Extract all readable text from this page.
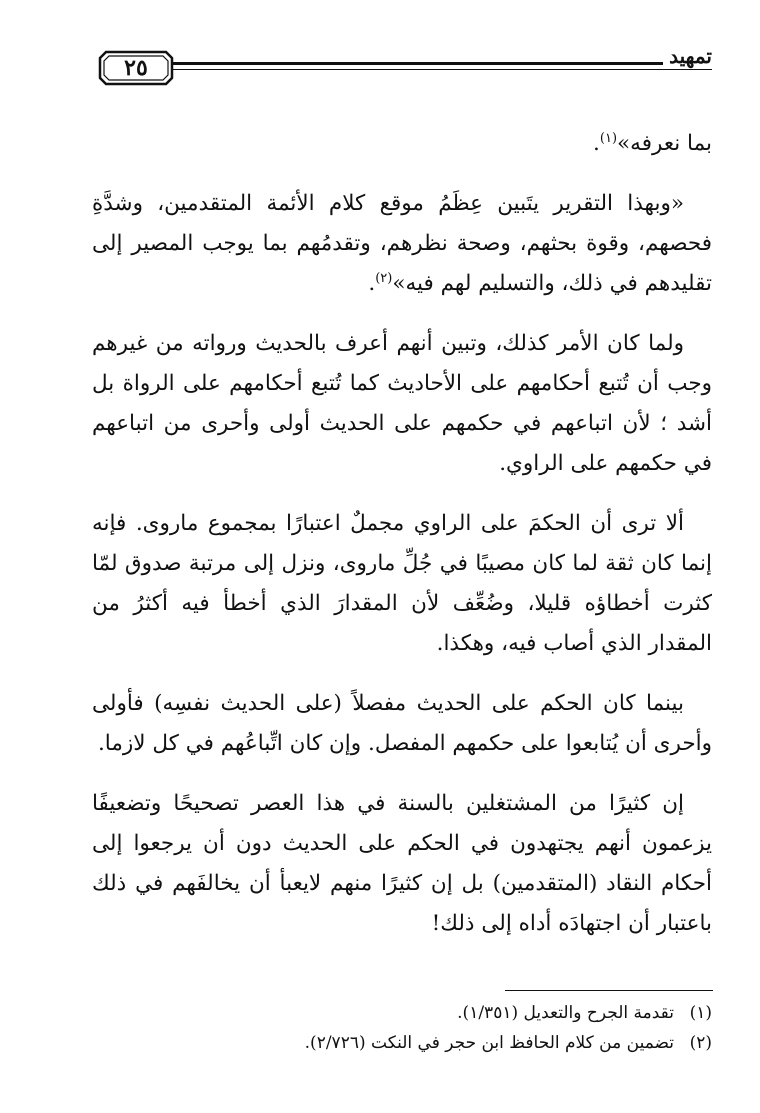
٢٥	تمهيد

بما نعرفه»$^{(١)}$.

«وبهذا التقرير يتَبين عِظَمُ موقع كلام الأئمة المتقدمين، وشدَّةِ فحصهم، وقوة بحثهم، وصحة نظرهم، وتقدمُهم بما يوجب المصير إلى تقليدهم في ذلك، والتسليم لهم فيه»$^{(٢)}$.

ولما كان الأمر كذلك، وتبين أنهم أعرف بالحديث ورواته من غيرهم وجب أن تُتبع أحكامهم على الأحاديث كما تُتبع أحكامهم على الرواة بل أشد ؛ لأن اتباعهم في حكمهم على الحديث أولى وأحرى من اتباعهم في حكمهم على الراوي.

ألا ترى أن الحكمَ على الراوي مجملٌ اعتبارًا بمجموع ماروى. فإنه إنما كان ثقة لما كان مصيبًا في جُلِّ ماروى، ونزل إلى مرتبة صدوق لمّا كثرت أخطاؤه قليلا، وضُعِّف لأن المقدارَ الذي أخطأ فيه أكثرُ من المقدار الذي أصاب فيه، وهكذا.

بينما كان الحكم على الحديث مفصلاً (على الحديث نفسِه) فأولى وأحرى أن يُتابعوا على حكمهم المفصل. وإن كان اتِّباعُهم في كل لازما.

إن كثيرًا من المشتغلين بالسنة في هذا العصر تصحيحًا وتضعيفًا يزعمون أنهم يجتهدون في الحكم على الحديث دون أن يرجعوا إلى أحكام النقاد (المتقدمين) بل إن كثيرًا منهم لايعبأ أن يخالفَهم في ذلك باعتبار أن اجتهادَه أداه إلى ذلك!

(١)
تقدمة الجرح والتعديل (١/٣٥١).
(٢)
تضمين من كلام الحافظ ابن حجر في النكت (٢/٧٢٦).
